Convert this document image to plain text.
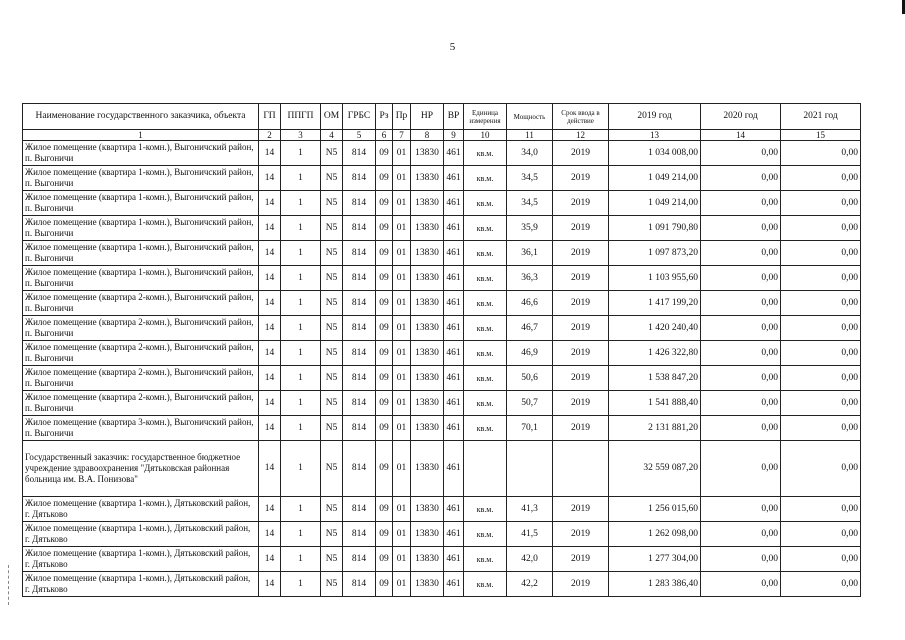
5
Наименование государственного заказчика, объекта	ГП	ППГП	ОМ	ГРБС	Рз	Пр	НР	ВР	Единица измерения	Мощность	Срок ввода в действие	2019 год	2020 год	2021 год
1	2	3	4	5	6	7	8	9	10	11	12	13	14	15
Жилое помещение (квартира 1-комн.), Выгоничский район, п. Выгоничи	14	1	N5	814	09	01	13830	461	кв.м.	34,0	2019	1 034 008,00	0,00	0,00
Жилое помещение (квартира 1-комн.), Выгоничский район, п. Выгоничи	14	1	N5	814	09	01	13830	461	кв.м.	34,5	2019	1 049 214,00	0,00	0,00
Жилое помещение (квартира 1-комн.), Выгоничский район, п. Выгоничи	14	1	N5	814	09	01	13830	461	кв.м.	34,5	2019	1 049 214,00	0,00	0,00
Жилое помещение (квартира 1-комн.), Выгоничский район, п. Выгоничи	14	1	N5	814	09	01	13830	461	кв.м.	35,9	2019	1 091 790,80	0,00	0,00
Жилое помещение (квартира 1-комн.), Выгоничский район, п. Выгоничи	14	1	N5	814	09	01	13830	461	кв.м.	36,1	2019	1 097 873,20	0,00	0,00
Жилое помещение (квартира 1-комн.), Выгоничский район, п. Выгоничи	14	1	N5	814	09	01	13830	461	кв.м.	36,3	2019	1 103 955,60	0,00	0,00
Жилое помещение (квартира 2-комн.), Выгоничский район, п. Выгоничи	14	1	N5	814	09	01	13830	461	кв.м.	46,6	2019	1 417 199,20	0,00	0,00
Жилое помещение (квартира 2-комн.), Выгоничский район, п. Выгоничи	14	1	N5	814	09	01	13830	461	кв.м.	46,7	2019	1 420 240,40	0,00	0,00
Жилое помещение (квартира 2-комн.), Выгоничский район, п. Выгоничи	14	1	N5	814	09	01	13830	461	кв.м.	46,9	2019	1 426 322,80	0,00	0,00
Жилое помещение (квартира 2-комн.), Выгоничский район, п. Выгоничи	14	1	N5	814	09	01	13830	461	кв.м.	50,6	2019	1 538 847,20	0,00	0,00
Жилое помещение (квартира 2-комн.), Выгоничский район, п. Выгоничи	14	1	N5	814	09	01	13830	461	кв.м.	50,7	2019	1 541 888,40	0,00	0,00
Жилое помещение (квартира 3-комн.), Выгоничский район, п. Выгоничи	14	1	N5	814	09	01	13830	461	кв.м.	70,1	2019	2 131 881,20	0,00	0,00
Государственный заказчик: государственное бюджетное учреждение здравоохранения "Дятьковская районная больница им. В.А. Понизова"	14	1	N5	814	09	01	13830	461				32 559 087,20	0,00	0,00
Жилое помещение (квартира 1-комн.), Дятьковский район, г. Дятьково	14	1	N5	814	09	01	13830	461	кв.м.	41,3	2019	1 256 015,60	0,00	0,00
Жилое помещение (квартира 1-комн.), Дятьковский район, г. Дятьково	14	1	N5	814	09	01	13830	461	кв.м.	41,5	2019	1 262 098,00	0,00	0,00
Жилое помещение (квартира 1-комн.), Дятьковский район, г. Дятьково	14	1	N5	814	09	01	13830	461	кв.м.	42,0	2019	1 277 304,00	0,00	0,00
Жилое помещение (квартира 1-комн.), Дятьковский район, г. Дятьково	14	1	N5	814	09	01	13830	461	кв.м.	42,2	2019	1 283 386,40	0,00	0,00
